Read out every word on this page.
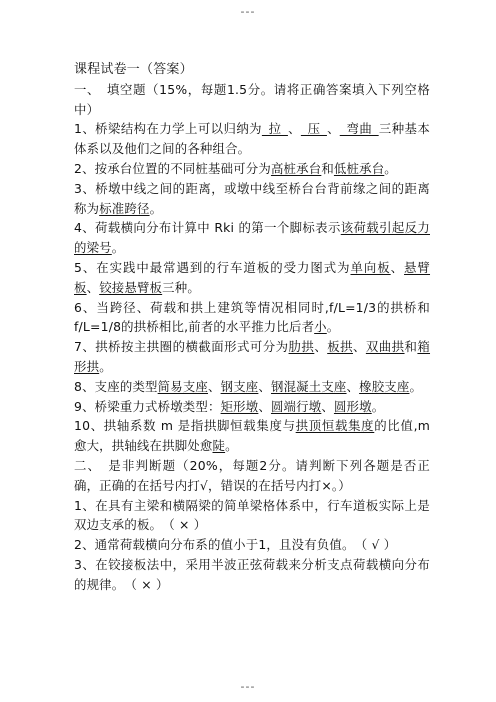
---

课程试卷一（答案）

一、　填空题（15%，每题1.5分。请将正确答案填入下列空格中）

1、桥梁结构在力学上可以归纳为_拉_、_压_、_弯曲_三种基本体系以及他们之间的各种组合。

2、按承台位置的不同桩基础可分为高桩承台和低桩承台。

3、桥墩中线之间的距离，或墩中线至桥台台背前缘之间的距离称为标准跨径。

4、荷载横向分布计算中 Rki 的第一个脚标表示该荷载引起反力的梁号。

5、在实践中最常遇到的行车道板的受力图式为单向板、悬臂板、铰接悬臂板三种。

6、当跨径、荷载和拱上建筑等情况相同时,f/L=1/3的拱桥和 f/L=1/8的拱桥相比,前者的水平推力比后者小。

7、拱桥按主拱圈的横截面形式可分为肋拱、板拱、双曲拱和箱形拱。

8、支座的类型简易支座、钢支座、钢混凝土支座、橡胶支座。

9、桥梁重力式桥墩类型：矩形墩、圆端行墩、圆形墩。

10、拱轴系数 m 是指拱脚恒载集度与拱顶恒载集度的比值,m 愈大，拱轴线在拱脚处愈陡。

二、　是非判断题（20%，每题2分。请判断下列各题是否正确，正确的在括号内打√，错误的在括号内打×。）

1、在具有主梁和横隔梁的简单梁格体系中，行车道板实际上是双边支承的板。　（ × ）

2、通常荷载横向分布系的值小于1，且没有负值。　（ √ ）

3、在铰接板法中，采用半波正弦荷载来分析支点荷载横向分布的规律。　（ × ）

---
